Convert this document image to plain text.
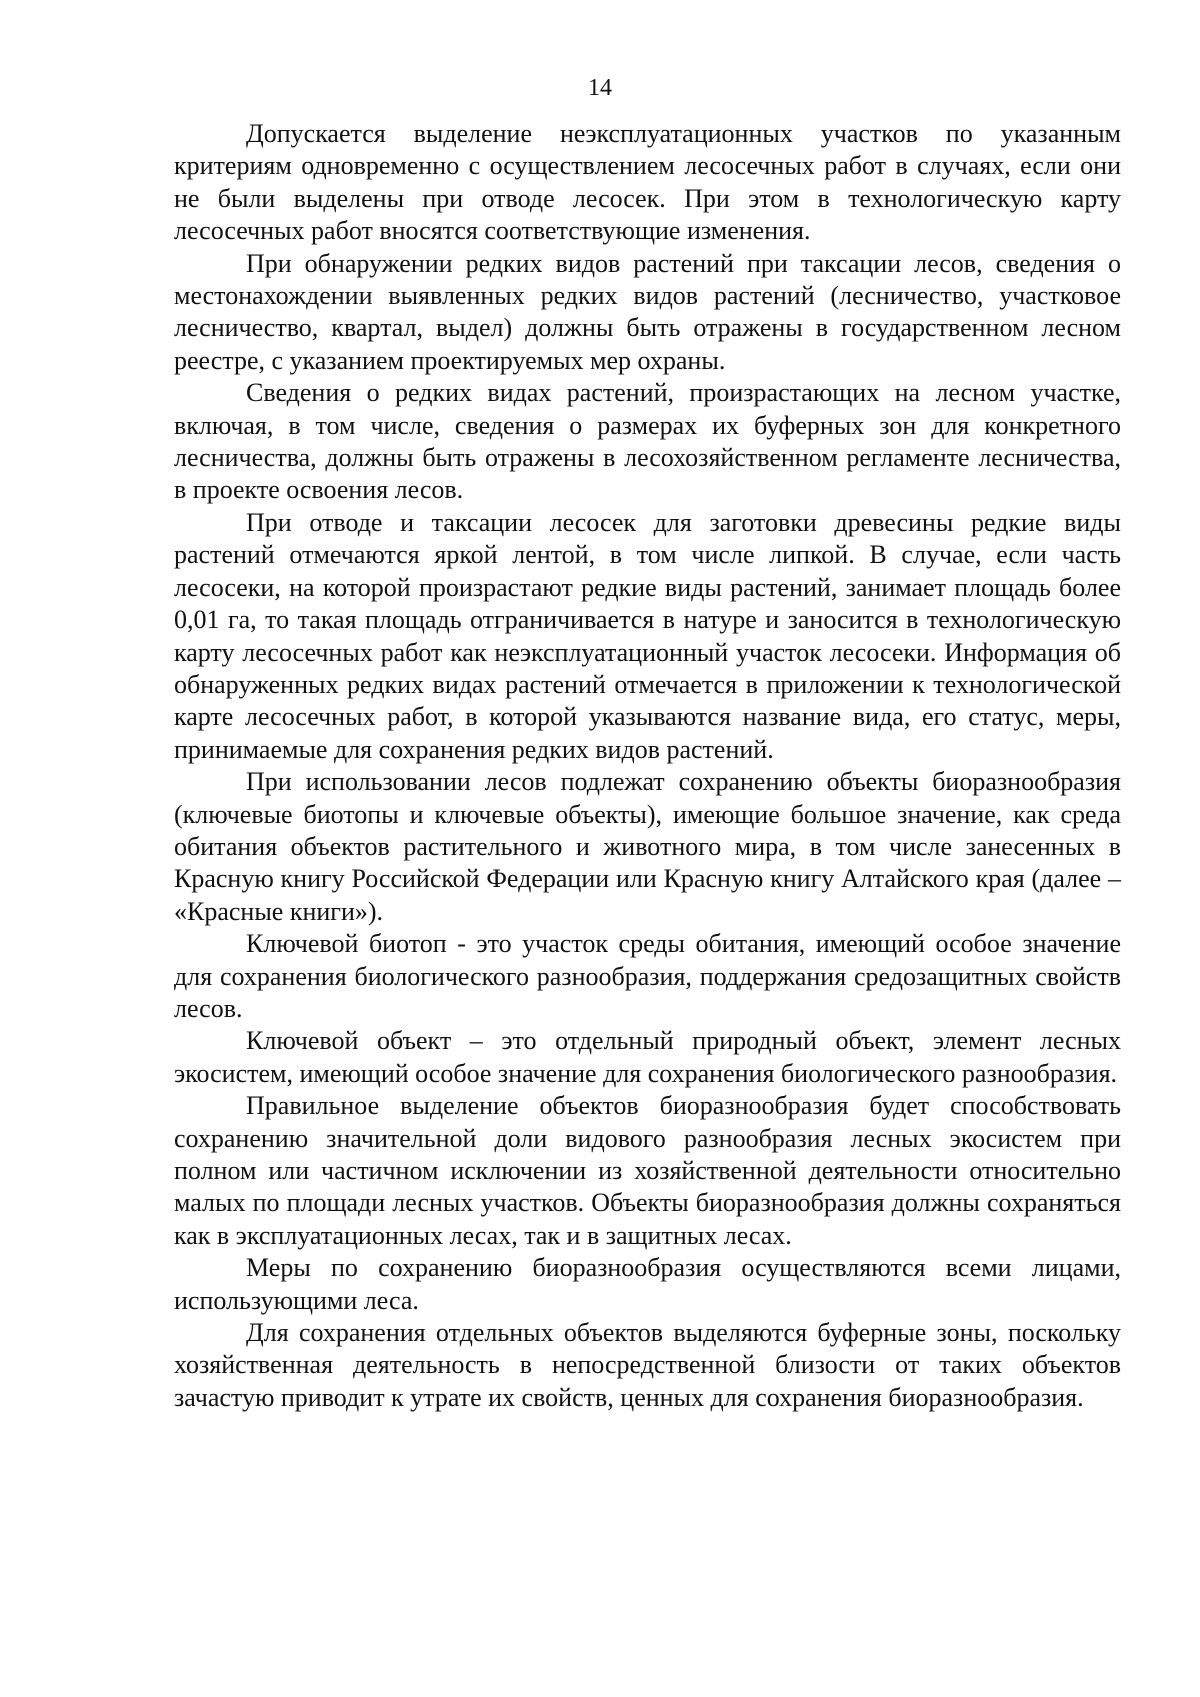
14

Допускается выделение неэксплуатационных участков по указанным критериям одновременно с осуществлением лесосечных работ в случаях, если они не были выделены при отводе лесосек. При этом в технологическую карту лесосечных работ вносятся соответствующие изменения.

При обнаружении редких видов растений при таксации лесов, сведения о местонахождении выявленных редких видов растений (лесничество, участковое лесничество, квартал, выдел) должны быть отражены в государственном лесном реестре, с указанием проектируемых мер охраны.

Сведения о редких видах растений, произрастающих на лесном участке, включая, в том числе, сведения о размерах их буферных зон для конкретного лесничества, должны быть отражены в лесохозяйственном регламенте лесничества, в проекте освоения лесов.

При отводе и таксации лесосек для заготовки древесины редкие виды растений отмечаются яркой лентой, в том числе липкой. В случае, если часть лесосеки, на которой произрастают редкие виды растений, занимает площадь более 0,01 га, то такая площадь отграничивается в натуре и заносится в технологическую карту лесосечных работ как неэксплуатационный участок лесосеки. Информация об обнаруженных редких видах растений отмечается в приложении к технологической карте лесосечных работ, в которой указываются название вида, его статус, меры, принимаемые для сохранения редких видов растений.

При использовании лесов подлежат сохранению объекты биоразнообразия (ключевые биотопы и ключевые объекты), имеющие большое значение, как среда обитания объектов растительного и животного мира, в том числе занесенных в Красную книгу Российской Федерации или Красную книгу Алтайского края (далее – «Красные книги»).

Ключевой биотоп - это участок среды обитания, имеющий особое значение для сохранения биологического разнообразия, поддержания средозащитных свойств лесов.

Ключевой объект – это отдельный природный объект, элемент лесных экосистем, имеющий особое значение для сохранения биологического разнообразия.

Правильное выделение объектов биоразнообразия будет способствовать сохранению значительной доли видового разнообразия лесных экосистем при полном или частичном исключении из хозяйственной деятельности относительно малых по площади лесных участков. Объекты биоразнообразия должны сохраняться как в эксплуатационных лесах, так и в защитных лесах.

Меры по сохранению биоразнообразия осуществляются всеми лицами, использующими леса.

Для сохранения отдельных объектов выделяются буферные зоны, поскольку хозяйственная деятельность в непосредственной близости от таких объектов зачастую приводит к утрате их свойств, ценных для сохранения биоразнообразия.
